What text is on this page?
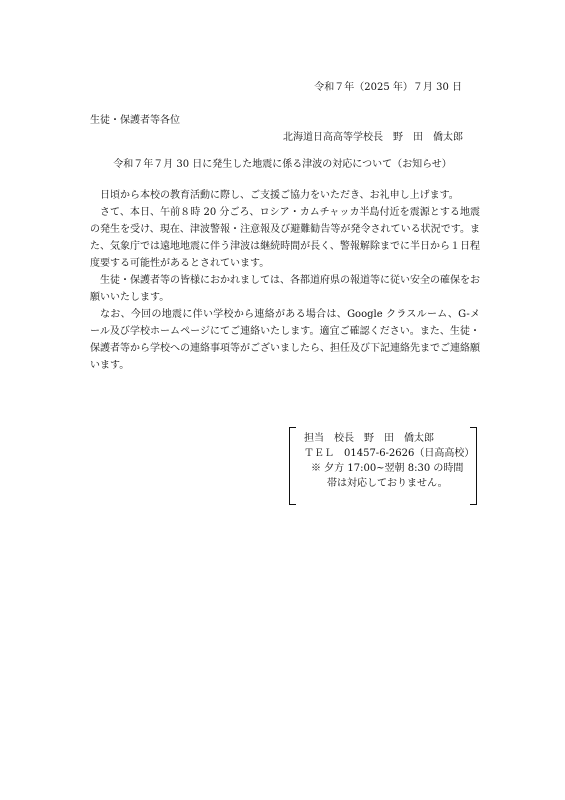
令和７年（2025 年）７月 30 日
生徒・保護者等各位
北海道日高高等学校長　野　田　僑太郎
令和７年７月 30 日に発生した地震に係る津波の対応について（お知らせ）

日頃から本校の教育活動に際し、ご支援ご協力をいただき、お礼申し上げます。

さて、本日、午前８時 20 分ごろ、ロシア・カムチャッカ半島付近を震源とする地震の発生を受け、現在、津波警報・注意報及び避難勧告等が発令されている状況です。また、気象庁では遠地地震に伴う津波は継続時間が長く、警報解除までに半日から１日程度要する可能性があるとされています。

生徒・保護者等の皆様におかれましては、各都道府県の報道等に従い安全の確保をお願いいたします。

なお、今回の地震に伴い学校から連絡がある場合は、Google クラスルーム、G-メール及び学校ホームページにてご連絡いたします。適宜ご確認ください。また、生徒・保護者等から学校への連絡事項等がございましたら、担任及び下記連絡先までご連絡願います。

担当　校長　野　田　僑太郎
ＴＥＬ　01457-6-2626（日高高校）
※ 夕方 17:00~翌朝 8:30 の時間
帯は対応しておりません。
